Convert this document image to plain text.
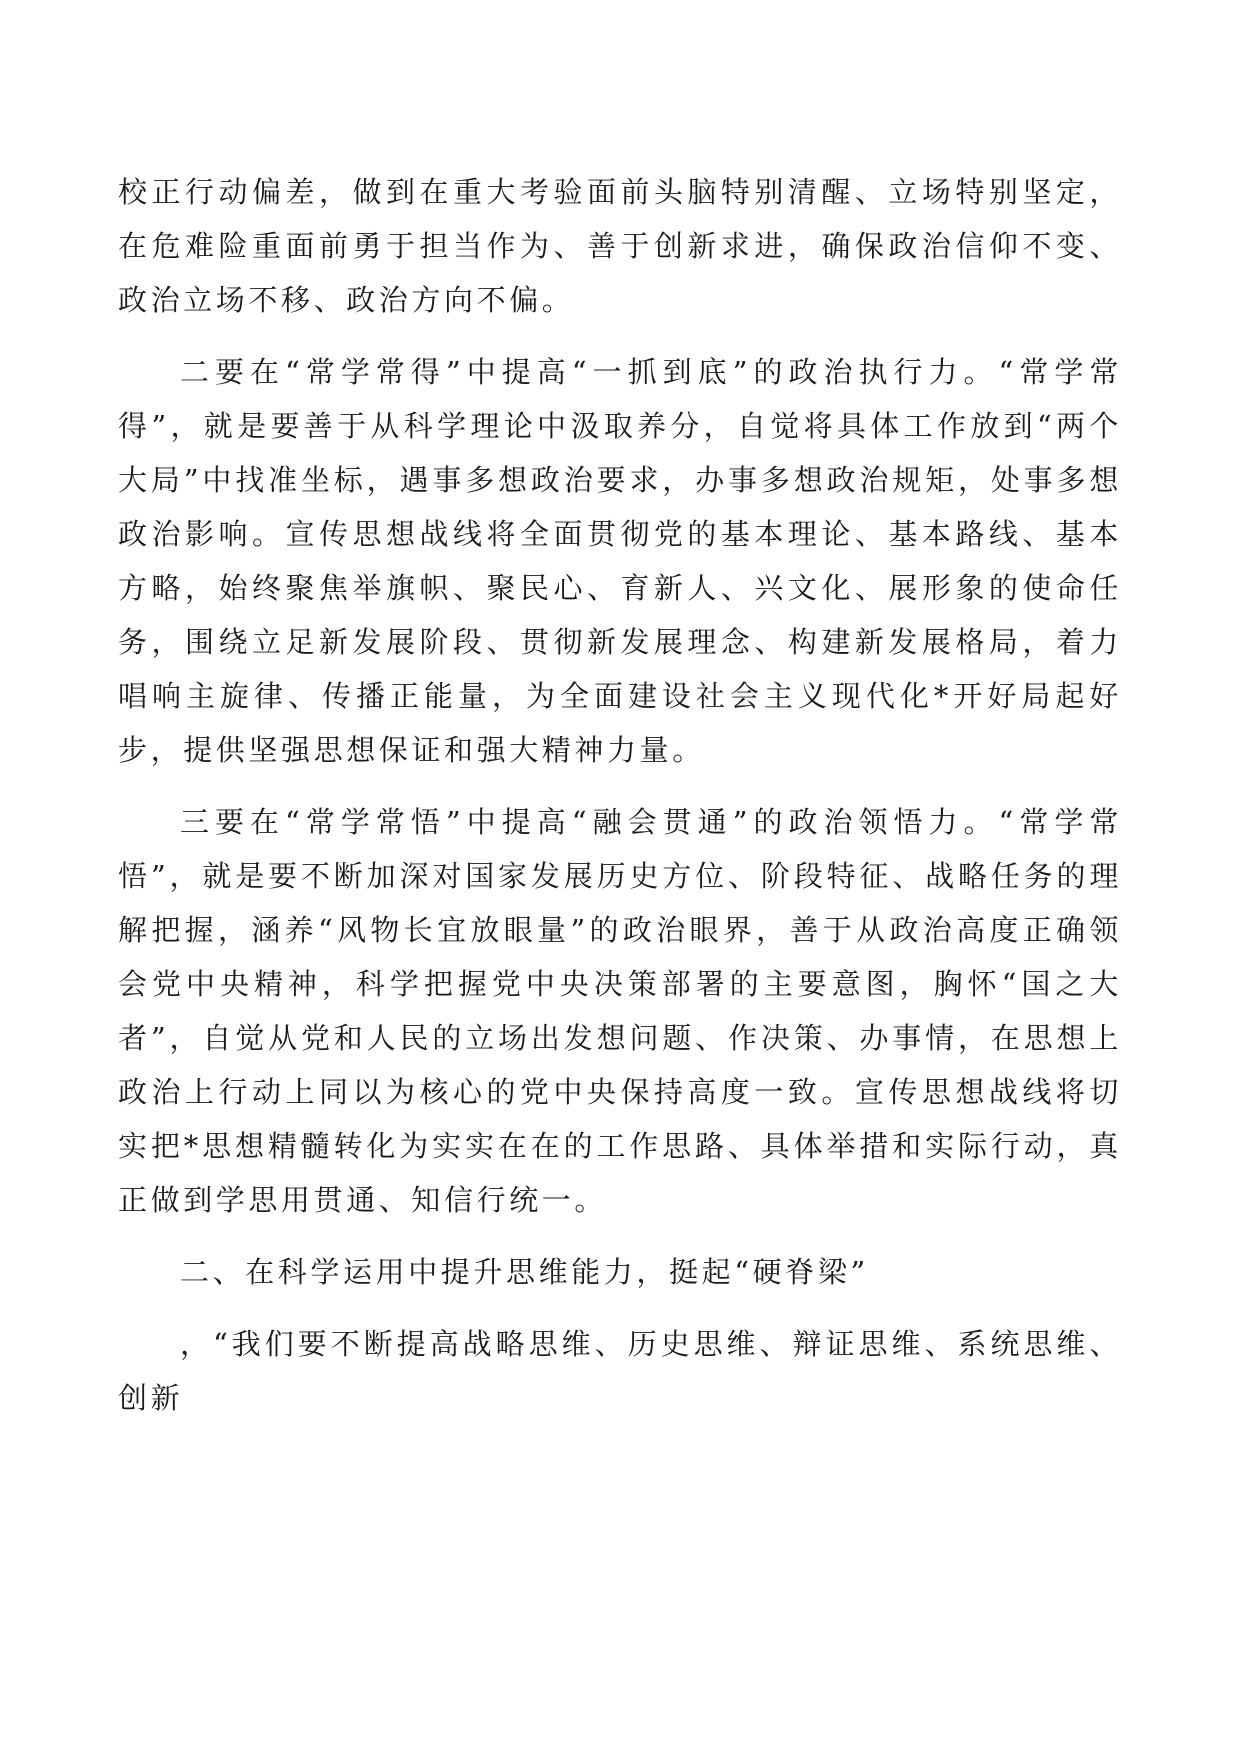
校正行动偏差，做到在重大考验面前头脑特别清醒、立场特别坚定，在危难险重面前勇于担当作为、善于创新求进，确保政治信仰不变、政治立场不移、政治方向不偏。

二要在“常学常得”中提高“一抓到底”的政治执行力。“常学常得”，就是要善于从科学理论中汲取养分，自觉将具体工作放到“两个大局”中找准坐标，遇事多想政治要求，办事多想政治规矩，处事多想政治影响。宣传思想战线将全面贯彻党的基本理论、基本路线、基本方略，始终聚焦举旗帜、聚民心、育新人、兴文化、展形象的使命任务，围绕立足新发展阶段、贯彻新发展理念、构建新发展格局，着力唱响主旋律、传播正能量，为全面建设社会主义现代化*开好局起好步，提供坚强思想保证和强大精神力量。

三要在“常学常悟”中提高“融会贯通”的政治领悟力。“常学常悟”，就是要不断加深对国家发展历史方位、阶段特征、战略任务的理解把握，涵养“风物长宜放眼量”的政治眼界，善于从政治高度正确领会党中央精神，科学把握党中央决策部署的主要意图，胸怀“国之大者”，自觉从党和人民的立场出发想问题、作决策、办事情，在思想上政治上行动上同以为核心的党中央保持高度一致。宣传思想战线将切实把*思想精髓转化为实实在在的工作思路、具体举措和实际行动，真正做到学思用贯通、知信行统一。

二、在科学运用中提升思维能力，挺起“硬脊梁”

，“我们要不断提高战略思维、历史思维、辩证思维、系统思维、创新
